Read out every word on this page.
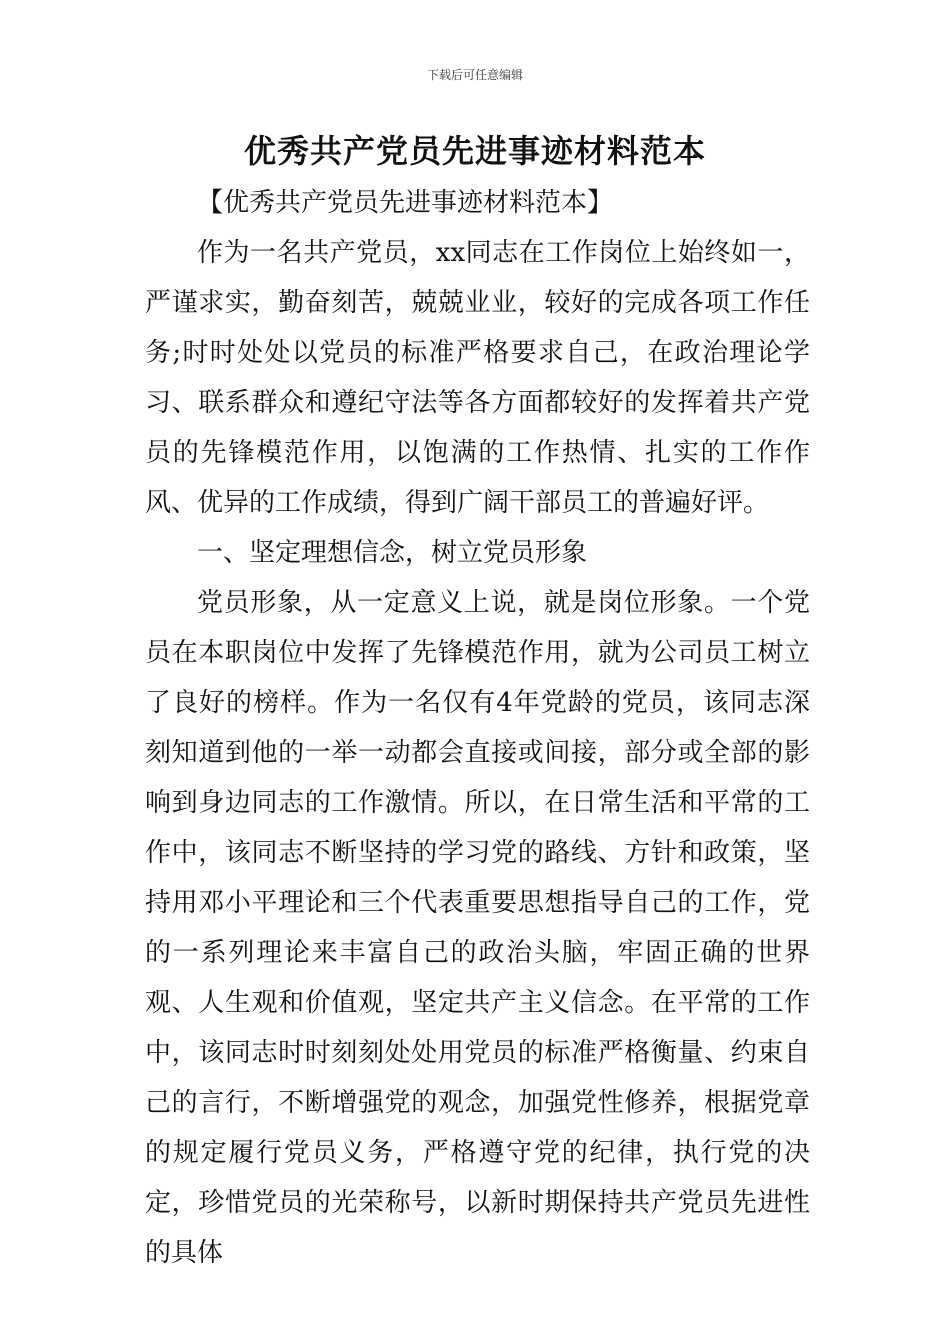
下载后可任意编辑
优秀共产党员先进事迹材料范本

【优秀共产党员先进事迹材料范本】

作为一名共产党员，xx同志在工作岗位上始终如一，严谨求实，勤奋刻苦，兢兢业业，较好的完成各项工作任务;时时处处以党员的标准严格要求自己，在政治理论学习、联系群众和遵纪守法等各方面都较好的发挥着共产党员的先锋模范作用，以饱满的工作热情、扎实的工作作风、优异的工作成绩，得到广阔干部员工的普遍好评。

一、坚定理想信念，树立党员形象

党员形象，从一定意义上说，就是岗位形象。一个党员在本职岗位中发挥了先锋模范作用，就为公司员工树立了良好的榜样。作为一名仅有4年党龄的党员，该同志深刻知道到他的一举一动都会直接或间接，部分或全部的影响到身边同志的工作激情。所以，在日常生活和平常的工作中，该同志不断坚持的学习党的路线、方针和政策，坚持用邓小平理论和三个代表重要思想指导自己的工作，党的一系列理论来丰富自己的政治头脑，牢固正确的世界观、人生观和价值观，坚定共产主义信念。在平常的工作中，该同志时时刻刻处处用党员的标准严格衡量、约束自己的言行，不断增强党的观念，加强党性修养，根据党章的规定履行党员义务，严格遵守党的纪律，执行党的决定，珍惜党员的光荣称号，以新时期保持共产党员先进性的具体
